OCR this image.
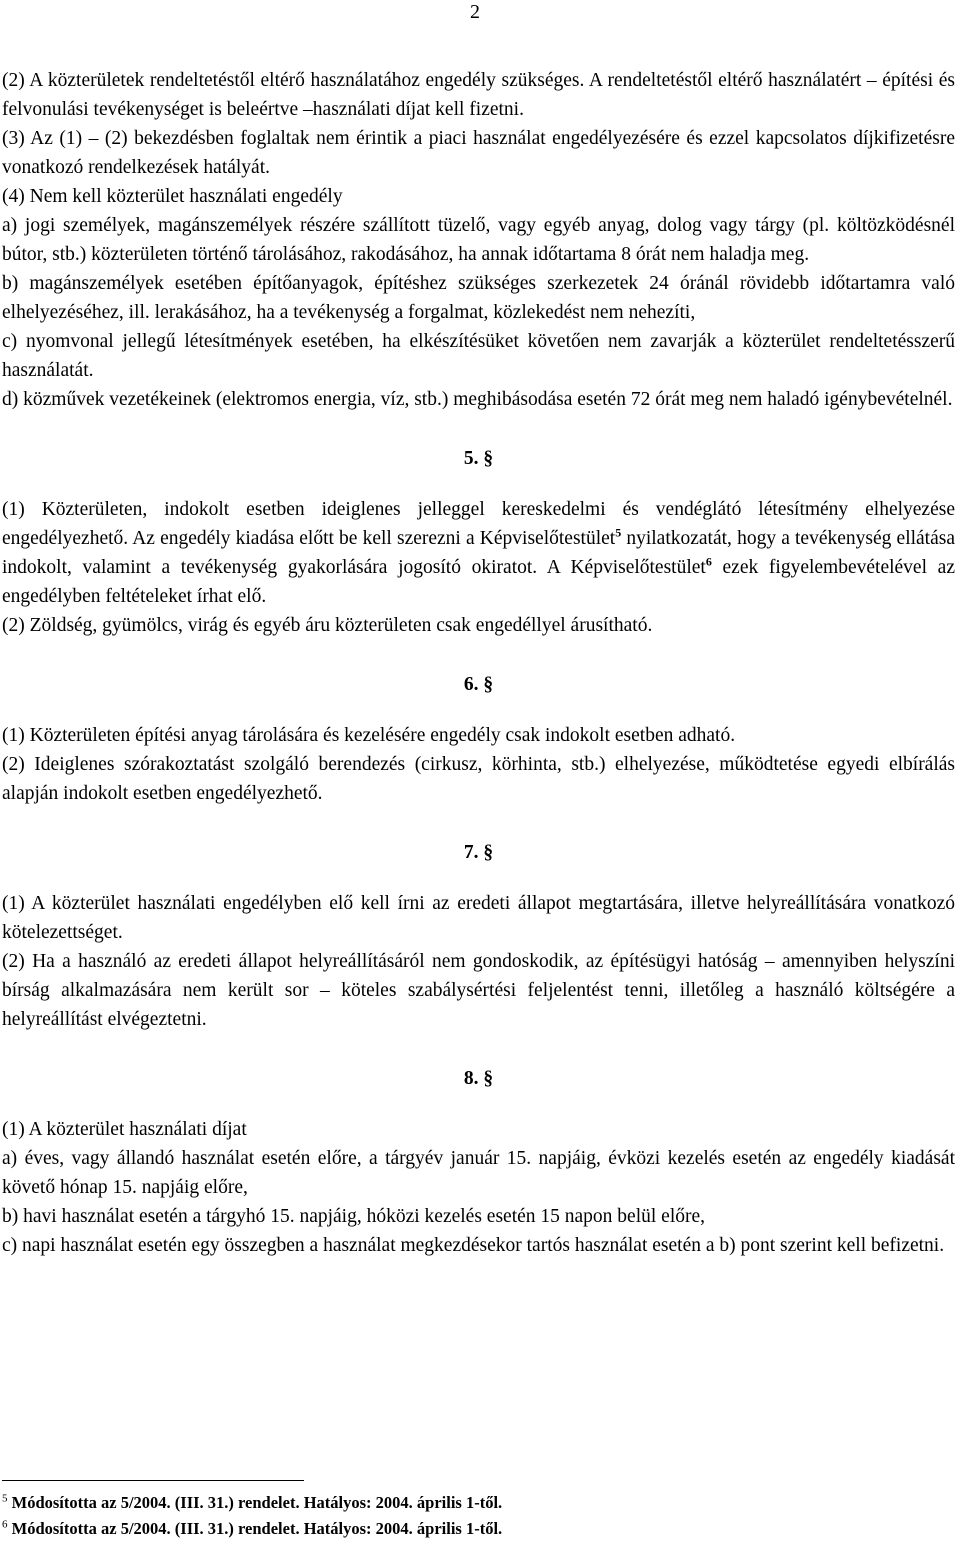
2

(2) A közterületek rendeltetéstől eltérő használatához engedély szükséges. A rendeltetéstől eltérő használatért – építési és felvonulási tevékenységet is beleértve –használati díjat kell fizetni.

(3) Az (1) – (2) bekezdésben foglaltak nem érintik a piaci használat engedélyezésére és ezzel kapcsolatos díjkifizetésre vonatkozó rendelkezések hatályát.

(4) Nem kell közterület használati engedély

a) jogi személyek, magánszemélyek részére szállított tüzelő, vagy egyéb anyag, dolog vagy tárgy (pl. költözködésnél bútor, stb.) közterületen történő tárolásához, rakodásához, ha annak időtartama 8 órát nem haladja meg.

b) magánszemélyek esetében építőanyagok, építéshez szükséges szerkezetek 24 óránál rövidebb időtartamra való elhelyezéséhez, ill. lerakásához, ha a tevékenység a forgalmat, közlekedést nem nehezíti,

c) nyomvonal jellegű létesítmények esetében, ha elkészítésüket követően nem zavarják a közterület rendeltetésszerű használatát.

d) közművek vezetékeinek (elektromos energia, víz, stb.) meghibásodása esetén 72 órát meg nem haladó igénybevételnél.

5. §

(1) Közterületen, indokolt esetben ideiglenes jelleggel kereskedelmi és vendéglátó létesítmény elhelyezése engedélyezhető. Az engedély kiadása előtt be kell szerezni a Képviselőtestület$^5$ nyilatkozatát, hogy a tevékenység ellátása indokolt, valamint a tevékenység gyakorlására jogosító okiratot. A Képviselőtestület$^6$ ezek figyelembevételével az engedélyben feltételeket írhat elő.

(2) Zöldség, gyümölcs, virág és egyéb áru közterületen csak engedéllyel árusítható.

6. §

(1) Közterületen építési anyag tárolására és kezelésére engedély csak indokolt esetben adható.

(2) Ideiglenes szórakoztatást szolgáló berendezés (cirkusz, körhinta, stb.) elhelyezése, működtetése egyedi elbírálás alapján indokolt esetben engedélyezhető.

7. §

(1) A közterület használati engedélyben elő kell írni az eredeti állapot megtartására, illetve helyreállítására vonatkozó kötelezettséget.

(2) Ha a használó az eredeti állapot helyreállításáról nem gondoskodik, az építésügyi hatóság – amennyiben helyszíni bírság alkalmazására nem került sor – köteles szabálysértési feljelentést tenni, illetőleg a használó költségére a helyreállítást elvégeztetni.

8. §

(1) A közterület használati díjat

a) éves, vagy állandó használat esetén előre, a tárgyév január 15. napjáig, évközi kezelés esetén az engedély kiadását követő hónap 15. napjáig előre,

b) havi használat esetén a tárgyhó 15. napjáig, hóközi kezelés esetén 15 napon belül előre,

c) napi használat esetén egy összegben a használat megkezdésekor tartós használat esetén a b) pont szerint kell befizetni.

$^5$ Módosította az 5/2004. (III. 31.) rendelet. Hatályos: 2004. április 1-től.

$^6$ Módosította az 5/2004. (III. 31.) rendelet. Hatályos: 2004. április 1-től.
